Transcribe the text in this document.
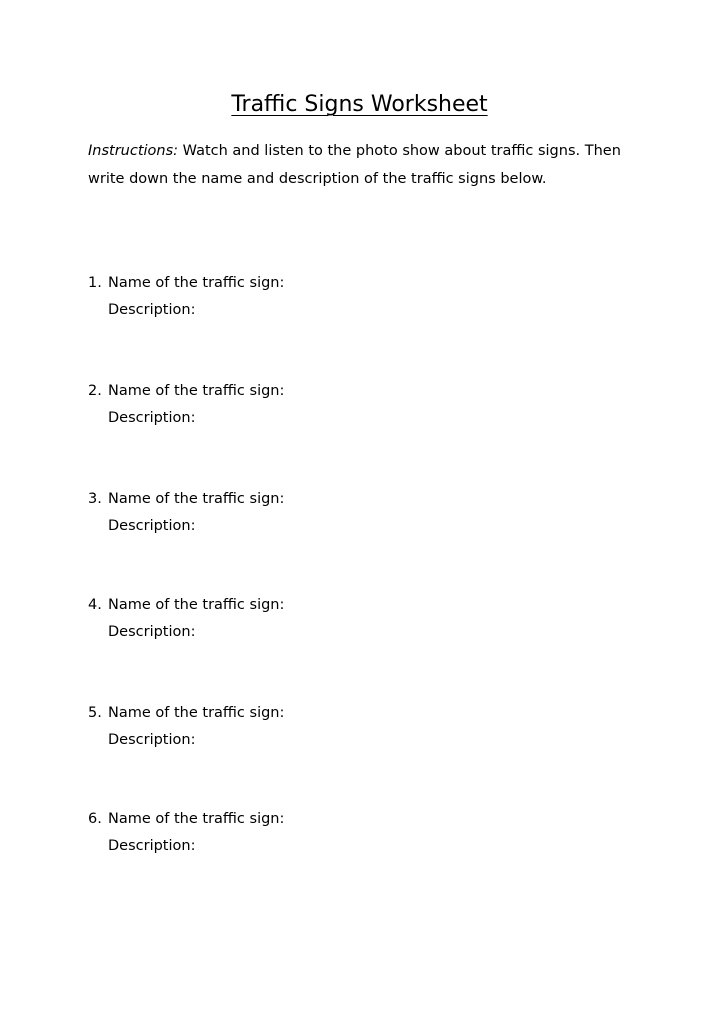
Traffic Signs Worksheet
Instructions: Watch and listen to the photo show about traffic signs. Then write down the name and description of the traffic signs below.
1. Name of the traffic sign:
Description:
2. Name of the traffic sign:
Description:
3. Name of the traffic sign:
Description:
4. Name of the traffic sign:
Description:
5. Name of the traffic sign:
Description:
6. Name of the traffic sign:
Description:
